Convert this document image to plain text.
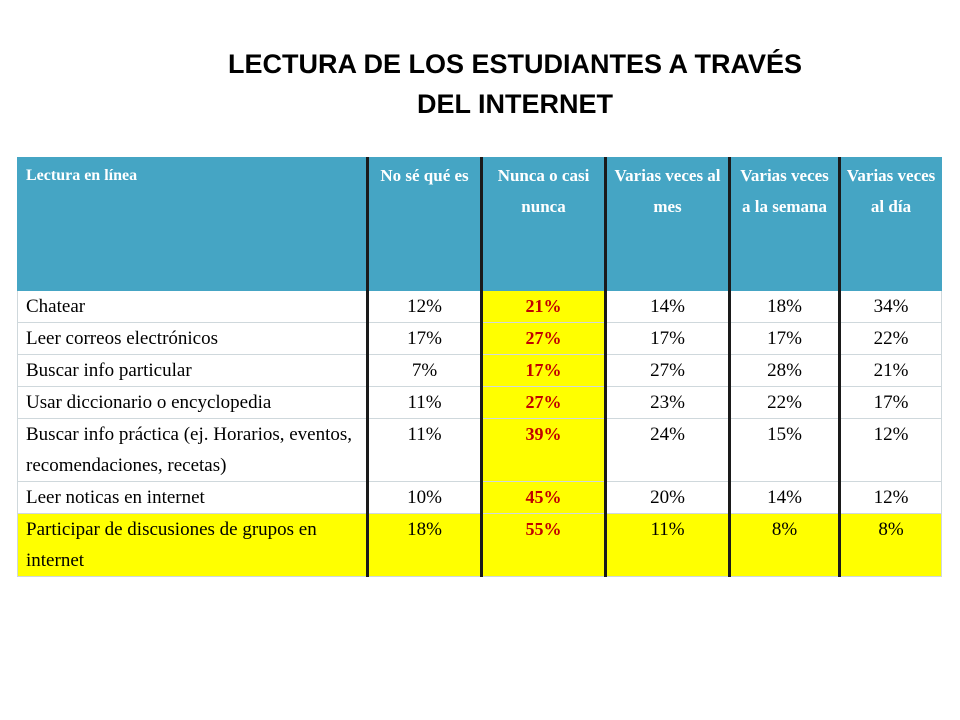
LECTURA DE LOS ESTUDIANTES A TRAVÉS
DEL INTERNET
Lectura en línea	No sé qué es	Nunca o casi nunca	Varias veces al mes	Varias veces a la semana	Varias veces al día
Chatear	12%	21%	14%	18%	34%
Leer correos electrónicos	17%	27%	17%	17%	22%
Buscar info particular	7%	17%	27%	28%	21%
Usar diccionario o encyclopedia	11%	27%	23%	22%	17%
Buscar info práctica (ej. Horarios, eventos, recomendaciones, recetas)	11%	39%	24%	15%	12%
Leer noticas en internet	10%	45%	20%	14%	12%
Participar de discusiones de grupos en internet	18%	55%	11%	8%	8%
